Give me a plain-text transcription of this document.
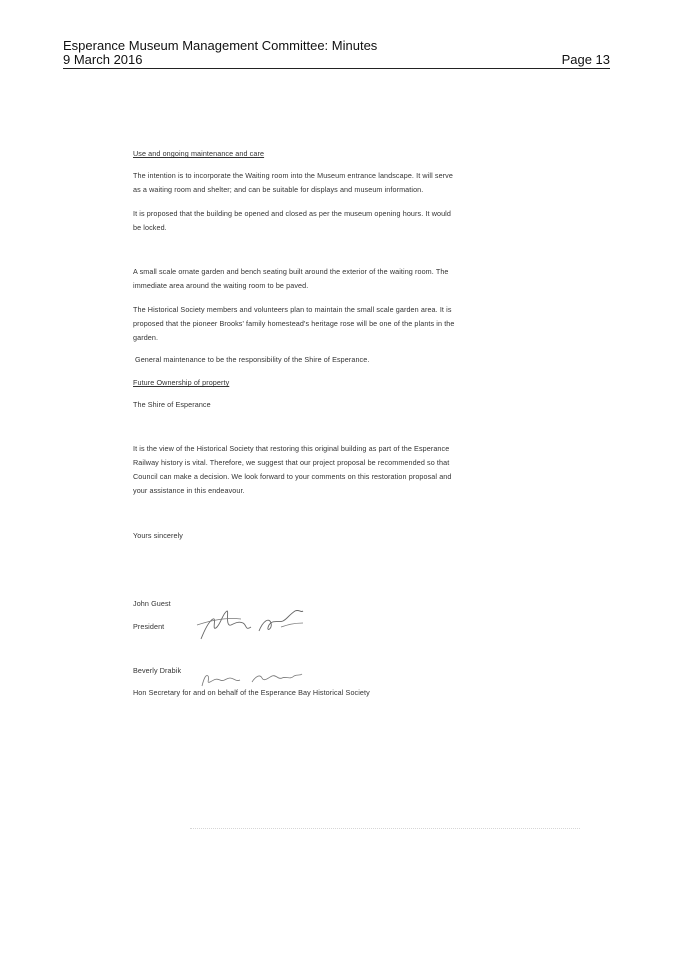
Esperance Museum Management Committee: Minutes
9 March 2016	Page 13
Use and ongoing maintenance and care
The intention is to incorporate the Waiting room into the Museum entrance landscape. It will serve
as a waiting room and shelter; and can be suitable for displays and museum information.
It is proposed that the building be opened and closed as per the museum opening hours. It would
be locked.
A small scale ornate garden and bench seating built around the exterior of the waiting room. The
immediate area around the waiting room to be paved.
The Historical Society members and volunteers plan to maintain the small scale garden area. It is
proposed that the pioneer Brooks' family homestead's heritage rose will be one of the plants in the
garden.
General maintenance to be the responsibility of the Shire of Esperance.
Future Ownership of property
The Shire of Esperance
It is the view of the Historical Society that restoring this original building as part of the Esperance
Railway history is vital. Therefore, we suggest that our project proposal be recommended so that
Council can make a decision. We look forward to your comments on this restoration proposal and
your assistance in this endeavour.
Yours sincerely
John Guest
President
Beverly Drabik
Hon Secretary for and on behalf of the Esperance Bay Historical Society
